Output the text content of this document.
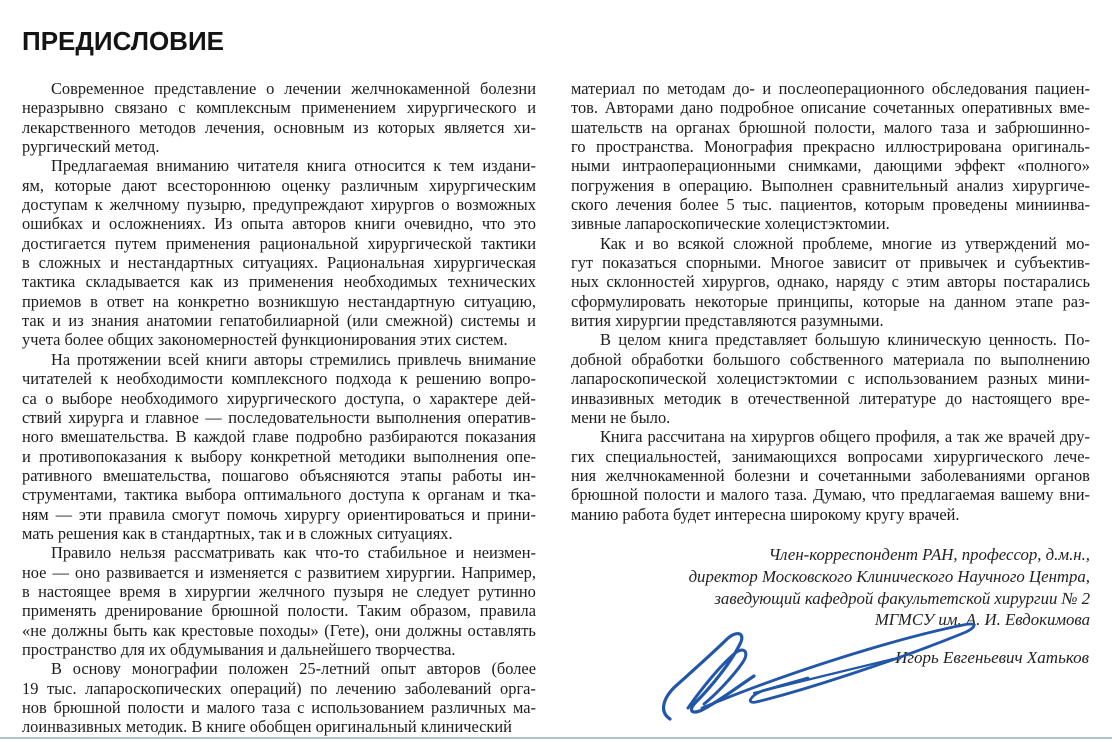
ПРЕДИСЛОВИЕ
Современное представление о лечении желчнокаменной болезни
неразрывно связано с комплексным применением хирургического и
лекарственного методов лечения, основным из которых является хи-
рургический метод.
Предлагаемая вниманию читателя книга относится к тем издани-
ям, которые дают всестороннюю оценку различным хирургическим
доступам к желчному пузырю, предупреждают хирургов о возможных
ошибках и осложнениях. Из опыта авторов книги очевидно, что это
достигается путем применения рациональной хирургической тактики
в сложных и нестандартных ситуациях. Рациональная хирургическая
тактика складывается как из применения необходимых технических
приемов в ответ на конкретно возникшую нестандартную ситуацию,
так и из знания анатомии гепатобилиарной (или смежной) системы и
учета более общих закономерностей функционирования этих систем.
На протяжении всей книги авторы стремились привлечь внимание
читателей к необходимости комплексного подхода к решению вопро-
са о выборе необходимого хирургического доступа, о характере дей-
ствий хирурга и главное — последовательности выполнения оператив-
ного вмешательства. В каждой главе подробно разбираются показания
и противопоказания к выбору конкретной методики выполнения опе-
ративного вмешательства, пошагово объясняются этапы работы ин-
струментами, тактика выбора оптимального доступа к органам и тка-
ням — эти правила смогут помочь хирургу ориентироваться и прини-
мать решения как в стандартных, так и в сложных ситуациях.
Правило нельзя рассматривать как что-то стабильное и неизмен-
ное — оно развивается и изменяется с развитием хирургии. Например,
в настоящее время в хирургии желчного пузыря не следует рутинно
применять дренирование брюшной полости. Таким образом, правила
«не должны быть как крестовые походы» (Гете), они должны оставлять
пространство для их обдумывания и дальнейшего творчества.
В основу монографии положен 25-летний опыт авторов (более
19 тыс. лапароскопических операций) по лечению заболеваний орга-
нов брюшной полости и малого таза с использованием различных ма-
лоинвазивных методик. В книге обобщен оригинальный клинический
материал по методам до- и послеоперационного обследования пациен-
тов. Авторами дано подробное описание сочетанных оперативных вме-
шательств на органах брюшной полости, малого таза и забрюшинно-
го пространства. Монография прекрасно иллюстрирована оригиналь-
ными интраоперационными снимками, дающими эффект «полного»
погружения в операцию. Выполнен сравнительный анализ хирургиче-
ского лечения более 5 тыс. пациентов, которым проведены миниинва-
зивные лапароскопические холецистэктомии.
Как и во всякой сложной проблеме, многие из утверждений мо-
гут показаться спорными. Многое зависит от привычек и субъектив-
ных склонностей хирургов, однако, наряду с этим авторы постарались
сформулировать некоторые принципы, которые на данном этапе раз-
вития хирургии представляются разумными.
В целом книга представляет большую клиническую ценность. По-
добной обработки большого собственного материала по выполнению
лапароскопической холецистэктомии с использованием разных мини-
инвазивных методик в отечественной литературе до настоящего вре-
мени не было.
Книга рассчитана на хирургов общего профиля, а так же врачей дру-
гих специальностей, занимающихся вопросами хирургического лече-
ния желчнокаменной болезни и сочетанными заболеваниями органов
брюшной полости и малого таза. Думаю, что предлагаемая вашему вни-
манию работа будет интересна широкому кругу врачей.
Член-корреспондент РАН, профессор, д.м.н.,
директор Московского Клинического Научного Центра,
заведующий кафедрой факультетской хирургии № 2
МГМСУ им. А. И. Евдокимова
Игорь Евгеньевич Хатьков
